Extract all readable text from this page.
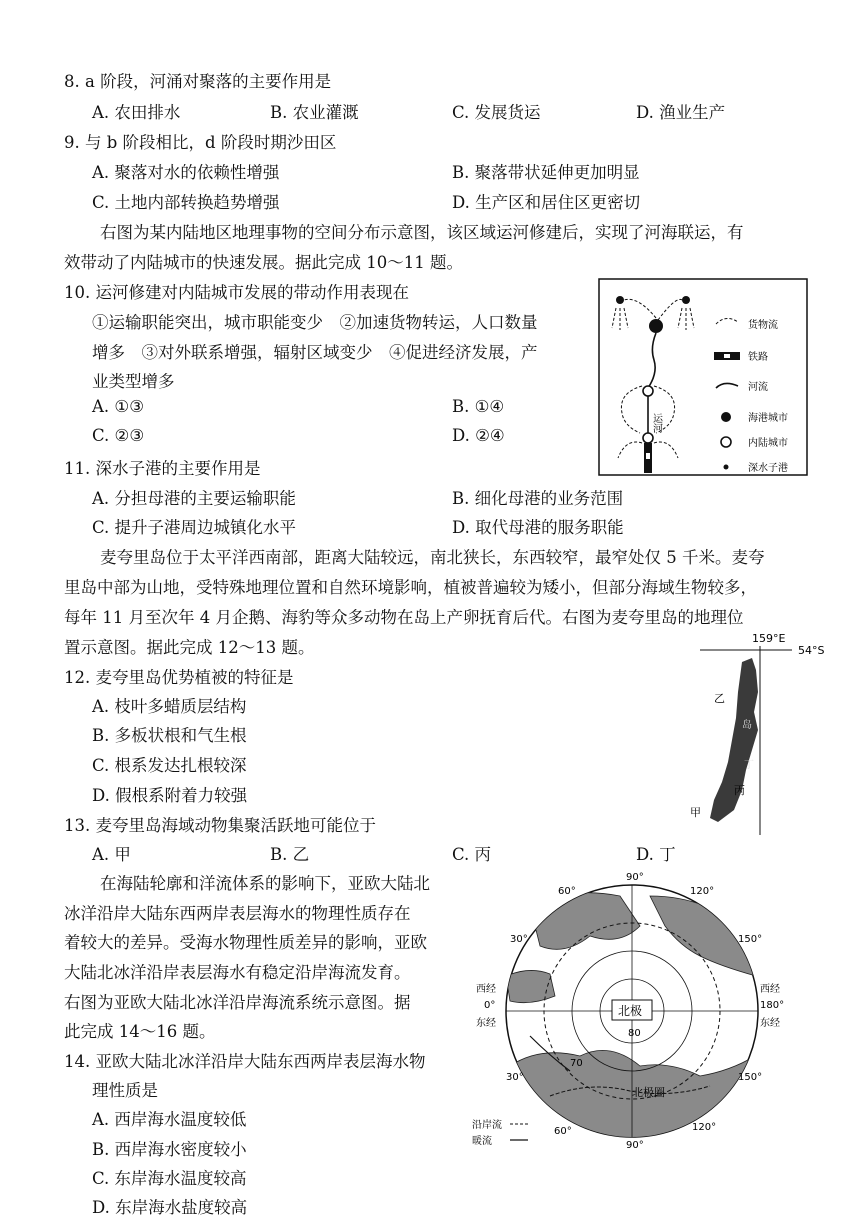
8. a 阶段，河涌对聚落的主要作用是
A. 农田排水	B. 农业灌溉	C. 发展货运	D. 渔业生产
9. 与 b 阶段相比，d 阶段时期沙田区
A. 聚落对水的依赖性增强	B. 聚落带状延伸更加明显
C. 土地内部转换趋势增强	D. 生产区和居住区更密切
右图为某内陆地区地理事物的空间分布示意图，该区域运河修建后，实现了河海联运，有
效带动了内陆城市的快速发展。据此完成 10～11 题。
10. 运河修建对内陆城市发展的带动作用表现在
①运输职能突出，城市职能变少　②加速货物转运，人口数量
增多　③对外联系增强，辐射区域变少　④促进经济发展，产
业类型增多
A. ①③	B. ①④
C. ②③	D. ②④
运河
货物流
铁路
河流
海港城市
内陆城市
深水子港
11. 深水子港的主要作用是
A. 分担母港的主要运输职能	B. 细化母港的业务范围
C. 提升子港周边城镇化水平	D. 取代母港的服务职能
麦夸里岛位于太平洋西南部，距离大陆较远，南北狭长，东西较窄，最窄处仅 5 千米。麦夸
里岛中部为山地，受特殊地理位置和自然环境影响，植被普遍较为矮小，但部分海域生物较多，
每年 11 月至次年 4 月企鹅、海豹等众多动物在岛上产卵抚育后代。右图为麦夸里岛的地理位
置示意图。据此完成 12～13 题。	159°E
54°S
乙
岛
丁
丙
甲
12. 麦夸里岛优势植被的特征是
A. 枝叶多蜡质层结构
B. 多板状根和气生根
C. 根系发达扎根较深
D. 假根系附着力较强
13. 麦夸里岛海域动物集聚活跃地可能位于
A. 甲	B. 乙	C. 丙	D. 丁
在海陆轮廓和洋流体系的影响下，亚欧大陆北
冰洋沿岸大陆东西两岸表层海水的物理性质存在
着较大的差异。受海水物理性质差异的影响，亚欧
大陆北冰洋沿岸表层海水有稳定沿岸海流发育。
右图为亚欧大陆北冰洋沿岸海流系统示意图。据
此完成 14～16 题。
北极
北极圈
80
70
90°
60°	120°
30°	150°
西经
0°
东经
西经
180°
东经
30°	150°
60°	120°
90°
沿岸流
暖流
14. 亚欧大陆北冰洋沿岸大陆东西两岸表层海水物
理性质是
A. 西岸海水温度较低
B. 西岸海水密度较小
C. 东岸海水温度较高
D. 东岸海水盐度较高
